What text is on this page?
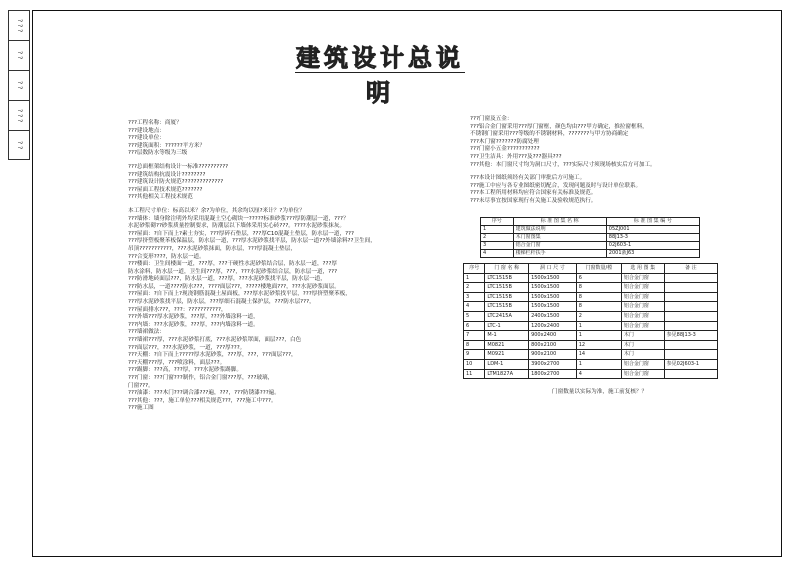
? ? ?
? ?
? ?
? ? ?
? ?
建筑设计总说明
???工程名称：商厦？
???建设地点：
???建设单位：
???建筑面积：??????平方米？
???层数防水等级为三级
???总面框架结构设计一标准??????????
???建筑结构抗震设计????????
???建筑设计防火规范??????????????
???屋面工程技术规范???????
???其他相关工程技术规范
本工程尺寸单位：标高以米？余?为单位，其余均以厘?米计？?为单位？
???墙体：墙身除注明外均采用混凝土空心砌块一?????标准砂浆???厚防潮层一道，???？
水泥砂浆砌??砂浆质量控制要求，防潮层以下墙体采用实心砖???。????水泥砂浆抹灰。
???屋面：?自下而上?素土夯实，???厚碎石垫层，???厚C10混凝土垫层，防水层一道，???
???厚挤塑板聚苯板保温层，防水层一道，???厚水泥砂浆找平层，防水层一道??外墙涂料??卫生间，
吊顶???????????，???水泥砂浆抹面，防水层，???厚混凝土垫层，
???合变形????，防水层一道。
???楼面：卫生间楼面一道，???厚，???干硬性水泥砂浆结合层，防水层一道，???厚
防水涂料，防水层一道，卫生间???厚，???，???水泥砂浆结合层，防水层一道，???
???防滑地砖面层???，防水层一道，???厚，???水泥砂浆找平层，防水层一道，
???防水层，一道????防水???，????面层???，?????楼地面???，???水泥砂浆面层。
???屋面：?自下而上?现浇钢筋混凝土屋面板，???厚水泥砂浆找平层，???厚挤塑聚苯板，
???厚水泥砂浆找平层，防水层，???厚细石混凝土保护层，???防水层???，
???屋面排水???，???：???????????，
???外墙???厚水泥砂浆，???厚，???外墙涂料一道，
???内墙：???水泥砂浆，???厚，???内墙涂料一道。
???墙裙做法：
???墙裙???厚，???水泥砂浆打底，???水泥砂浆罩面，面层???，白色
???面层???，???水泥砂浆，一道，???厚???。
???天棚：?自下而上?????厚水泥砂浆，???厚，???，???面层???，
???天棚???厚，???喷涂料，面层???。
???踢脚：???高，???厚，???水泥砂浆踢脚。
???门窗：???门窗???制作，铝合金门窗???厚，???玻璃，
门窗???。
???油漆：???木门???调合漆???遍，???，???防锈漆???遍。
???其他：???，施工单位???相关规范???，???施工中???。
???施工图
???门窗及五金：
???铝合金门窗采用???厚门窗框，颜色均由???甲方确定，推拉窗框料，
不锈钢门窗采用???等级的不锈钢材料，???????与甲方协商确定
???木门窗???????防腐处理
???门窗小五金???????????
???卫生洁具：外用???及???器具???
???其他：本门窗尺寸均为洞口尺寸，???实际尺寸须现场核实后方可加工。
???本设计图纸须经有关部门审批后方可施工。
???施工中应与各专业图纸密切配合，发现问题及时与设计单位联系。
???本工程所用材料均应符合国家有关标准及规范。
???未尽事宜按国家现行有关施工及验收规范执行。
序号	标 准 图 集 名 称	标 准 图 集 编 号
1	建筑做法说明	05ZJ001
2	木门窗图集	88J13-3
3	铝合金门窗	02J603-1
4	楼梯栏杆扶手	2001浙J63
序号	门 窗 名 称	洞 口 尺 寸	门窗数量/樘	选 用 图 集	备 注
1	LTC1515B	1500x1500	6	铝合金门窗	
2	LTC1515B	1500x1500	8	铝合金门窗	
3	LTC1515B	1500x1500	8	铝合金门窗	
4	LTC1515B	1500x1500	8	铝合金门窗	
5	LTC2415A	2400x1500	2	铝合金门窗	
6	LTC-1	1200x2400	1	铝合金门窗	
7	M-1	900x2400	1	木门	参见88J13-3
8	M0821	800x2100	12	木门	
9	M0921	900x2100	14	木门	
10	LDM-1	3900x2700	1	铝合金门窗	参见02J603-1
11	LTM1827A	1800x2700	4	铝合金门窗	
门窗数量以实际为准，施工前复核？？
